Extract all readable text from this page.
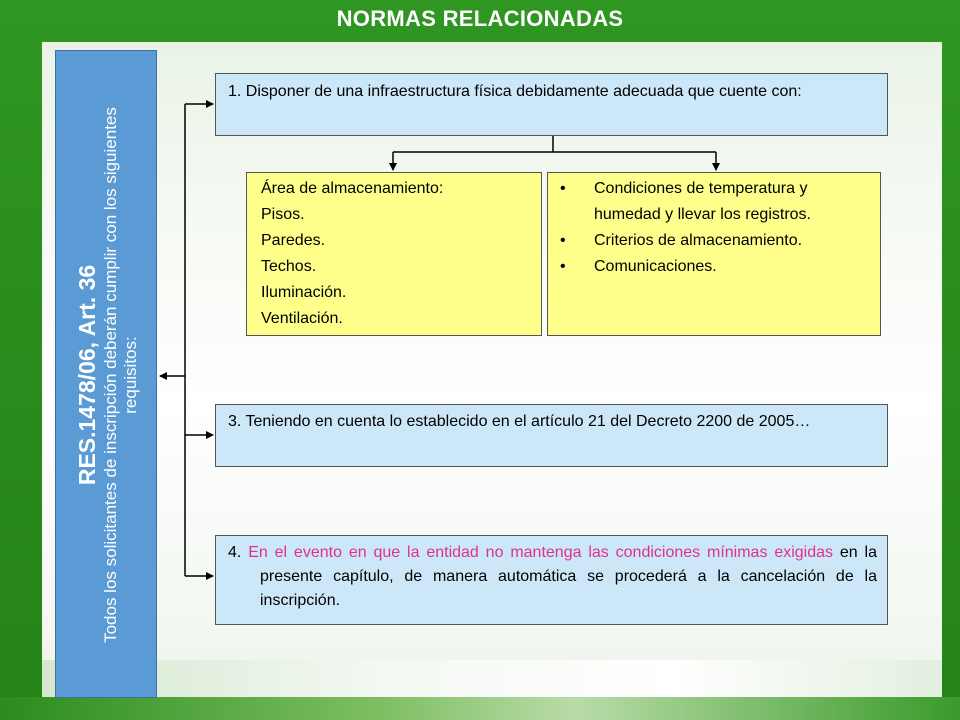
NORMAS RELACIONADAS
RES.1478/06, Art. 36 Todos los solicitantes de inscripción deberán cumplir con los siguientes requisitos:
1. Disponer de una infraestructura física debidamente adecuada que cuente con:
Área de almacenamiento:
Pisos.
Paredes.
Techos.
Iluminación.
Ventilación.
•	Condiciones de temperatura y humedad y llevar los registros.
•	Criterios de almacenamiento.
•	Comunicaciones.
3. Teniendo en cuenta lo establecido en el artículo 21 del Decreto 2200 de 2005…
4. En el evento en que la entidad no mantenga las condiciones mínimas exigidas en la presente capítulo, de manera automática se procederá a la cancelación de la inscripción.
